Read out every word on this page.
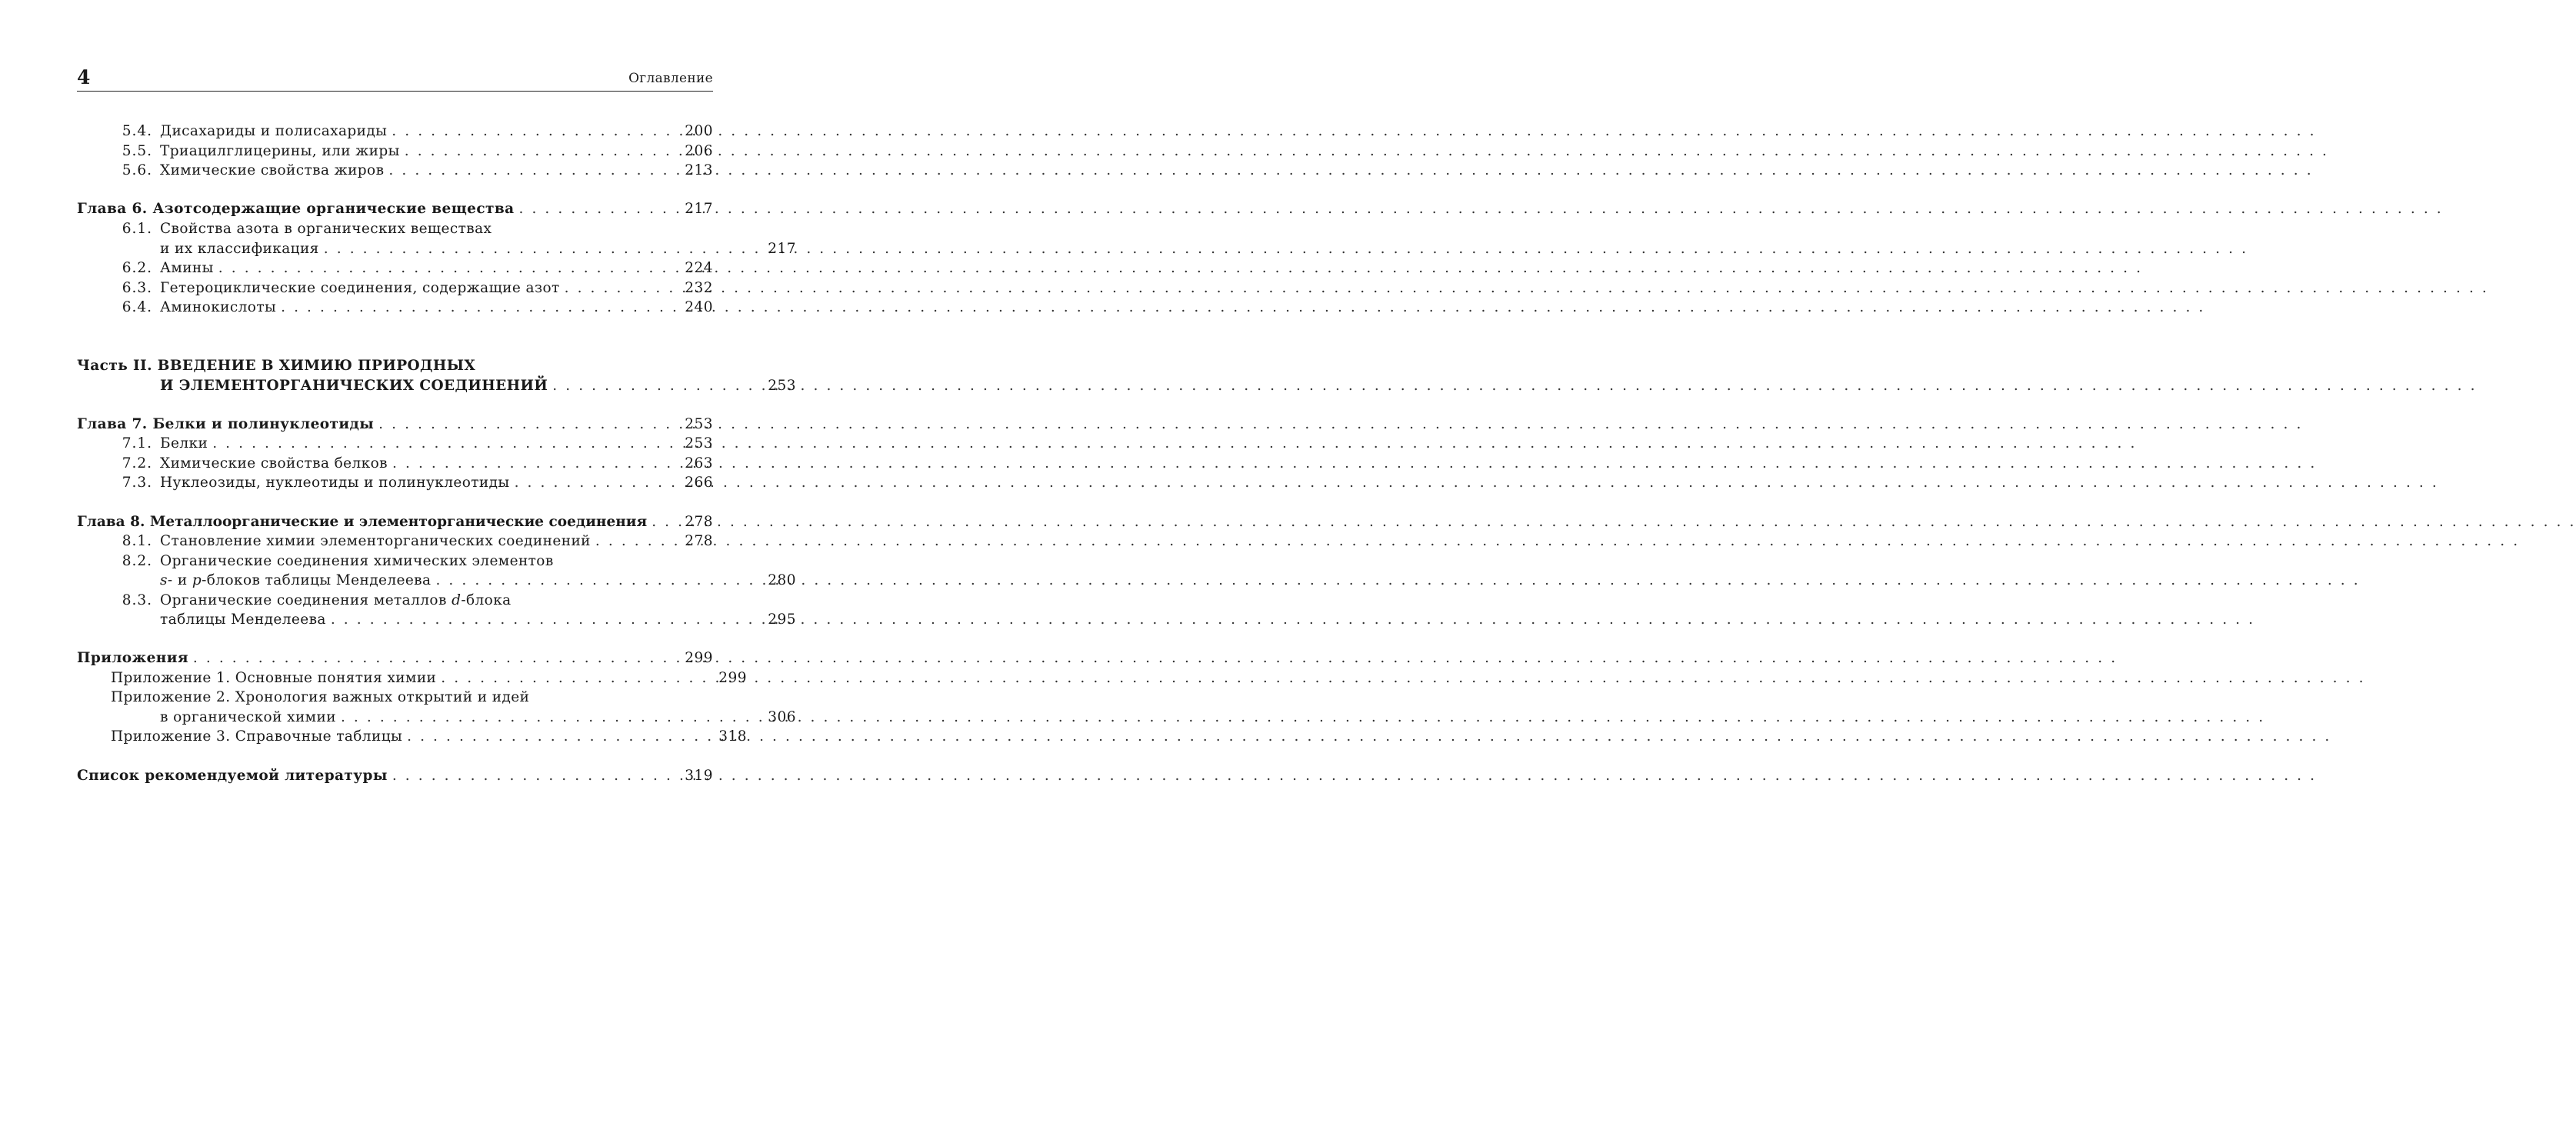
4	Оглавление
5.4. Дисахариды и полисахариды . . .	200
5.5. Триацилглицерины, или жиры . . .	206
5.6. Химические свойства жиров . . .	213
Глава 6. Азотсодержащие органические вещества . . .	217
6.1. Свойства азота в органических веществах
и их классификация . . .	217
6.2. Амины . . .	224
6.3. Гетероциклические соединения, содержащие азот . . .	232
6.4. Аминокислоты . . .	240
Часть II. ВВЕДЕНИЕ В ХИМИЮ ПРИРОДНЫХ
И ЭЛЕМЕНТОРГАНИЧЕСКИХ СОЕДИНЕНИЙ . . .	253
Глава 7. Белки и полинуклеотиды . . .	253
7.1. Белки . . .	253
7.2. Химические свойства белков . . .	263
7.3. Нуклеозиды, нуклеотиды и полинуклеотиды . . .	266
Глава 8. Металлоорганические и элементорганические соединения . . .	278
8.1. Становление химии элементорганических соединений . . .	278
8.2. Органические соединения химических элементов
s- и p-блоков таблицы Менделеева . . .	280
8.3. Органические соединения металлов d-блока
таблицы Менделеева . . .	295
Приложения . . .	299
Приложение 1. Основные понятия химии . . .	299
Приложение 2. Хронология важных открытий и идей
в органической химии . . .	306
Приложение 3. Справочные таблицы . . .	318
Список рекомендуемой литературы . . .	319
